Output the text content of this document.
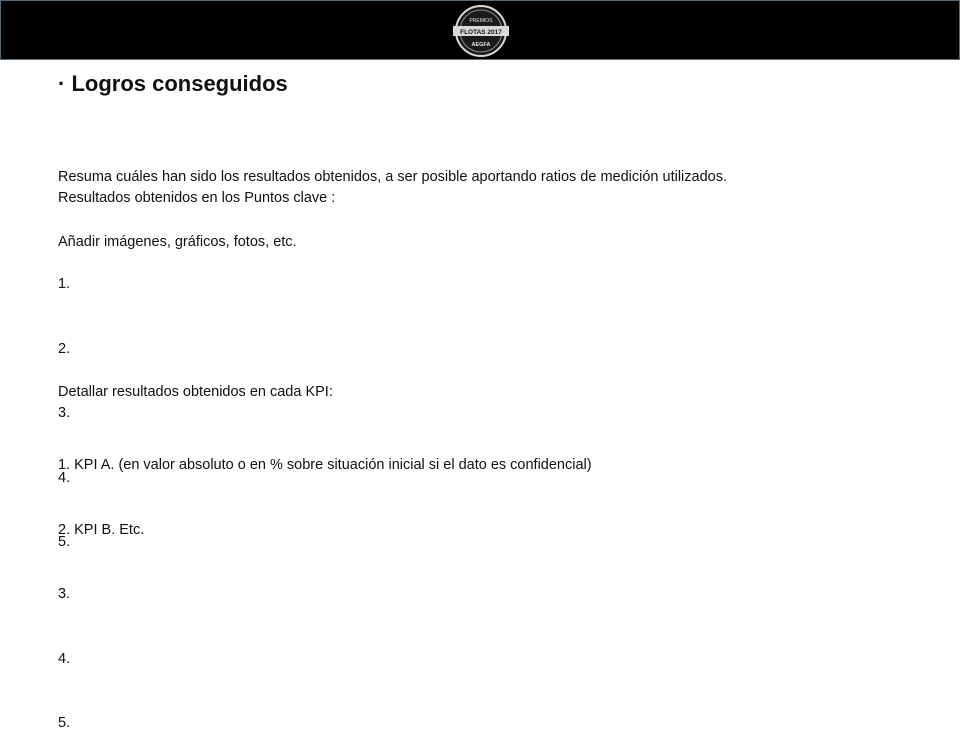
PREMIOS
FLOTAS 2017
AEGFA
· Logros conseguidos

Resuma cuáles han sido los resultados obtenidos, a ser posible aportando ratios de medición utilizados.

Añadir imágenes, gráficos, fotos, etc.

Resultados obtenidos en los Puntos clave :

1.

2.

3.

4.

5.

Detallar resultados obtenidos en cada KPI:

1. KPI A. (en valor absoluto o en % sobre situación inicial si el dato es confidencial)

2. KPI B. Etc.

3.

4.

5.
